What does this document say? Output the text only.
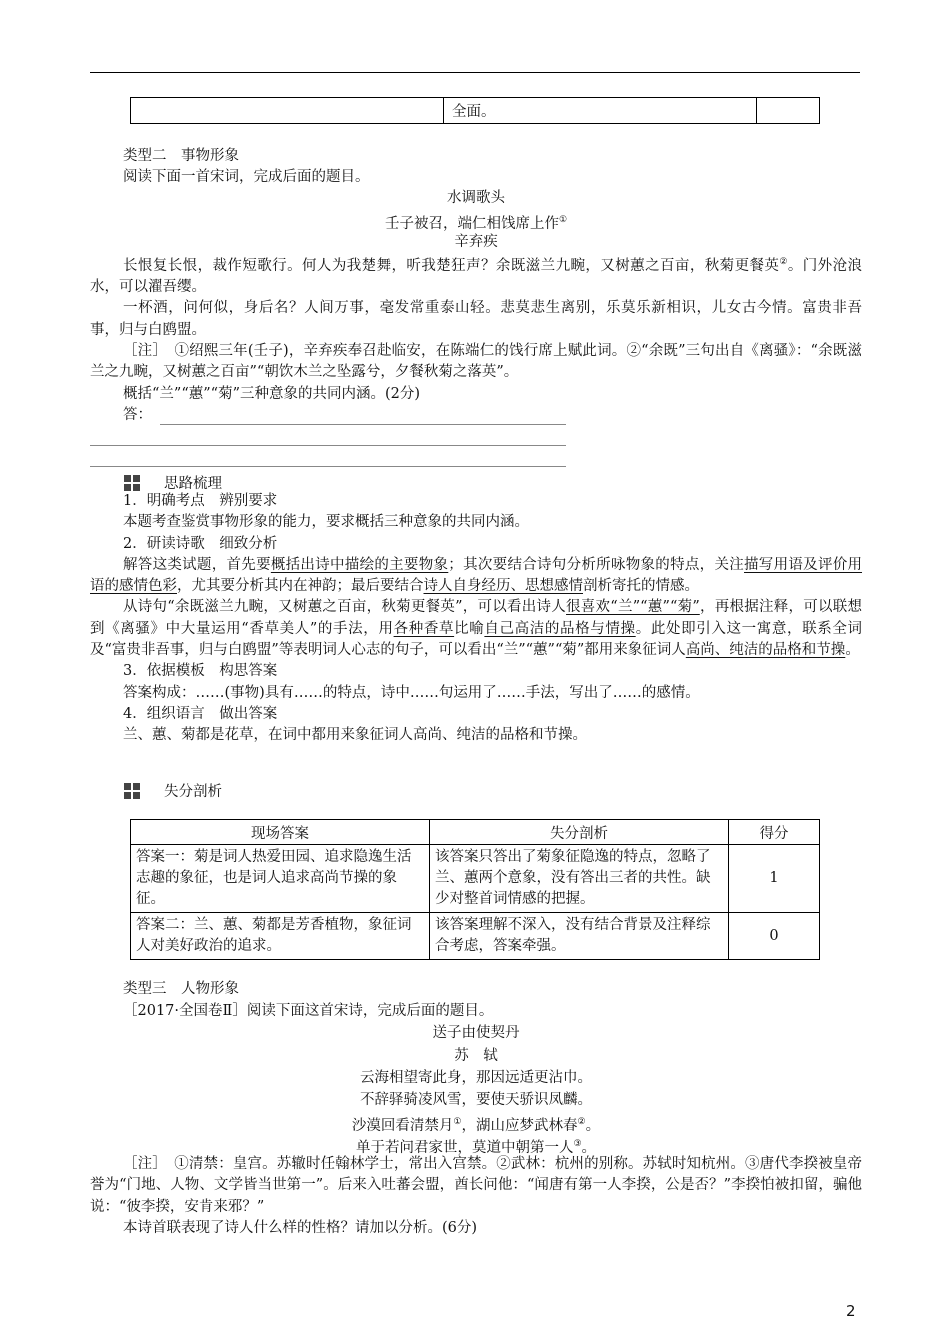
	全面。	
类型二　事物形象
阅读下面一首宋词，完成后面的题目。
水调歌头
壬子被召，端仁相饯席上作①
辛弃疾

长恨复长恨，裁作短歌行。何人为我楚舞，听我楚狂声？余既滋兰九畹，又树蕙之百亩，秋菊更餐英②。门外沧浪水，可以濯吾缨。

一杯酒，问何似，身后名？人间万事，毫发常重泰山轻。悲莫悲生离别，乐莫乐新相识，儿女古今情。富贵非吾事，归与白鸥盟。

［注］　①绍熙三年(壬子)，辛弃疾奉召赴临安，在陈端仁的饯行席上赋此词。②“余既”三句出自《离骚》：“余既滋兰之九畹，又树蕙之百亩”“朝饮木兰之坠露兮，夕餐秋菊之落英”。

概括“兰”“蕙”“菊”三种意象的共同内涵。(2分)

答：

思路梳理

1．明确考点　辨别要求

本题考查鉴赏事物形象的能力，要求概括三种意象的共同内涵。

2．研读诗歌　细致分析

解答这类试题，首先要概括出诗中描绘的主要物象；其次要结合诗句分析所咏物象的特点，关注描写用语及评价用语的感情色彩，尤其要分析其内在神韵；最后要结合诗人自身经历、思想感情剖析寄托的情感。

从诗句“余既滋兰九畹，又树蕙之百亩，秋菊更餐英”，可以看出诗人很喜欢“兰”“蕙”“菊”，再根据注释，可以联想到《离骚》中大量运用“香草美人”的手法，用各种香草比喻自己高洁的品格与情操。此处即引入这一寓意，联系全词及“富贵非吾事，归与白鸥盟”等表明词人心志的句子，可以看出“兰”“蕙”“菊”都用来象征词人高尚、纯洁的品格和节操。

3．依据模板　构思答案

答案构成：……(事物)具有……的特点，诗中……句运用了……手法，写出了……的感情。

4．组织语言　做出答案

兰、蕙、菊都是花草，在词中都用来象征词人高尚、纯洁的品格和节操。

失分剖析
现场答案	失分剖析	得分
答案一：菊是词人热爱田园、追求隐逸生活志趣的象征，也是词人追求高尚节操的象征。	该答案只答出了菊象征隐逸的特点，忽略了兰、蕙两个意象，没有答出三者的共性。缺少对整首词情感的把握。	1
答案二：兰、蕙、菊都是芳香植物，象征词人对美好政治的追求。	该答案理解不深入，没有结合背景及注释综合考虑，答案牵强。	0
类型三　人物形象
［2017·全国卷Ⅱ］阅读下面这首宋诗，完成后面的题目。
送子由使契丹
苏　轼
云海相望寄此身，那因远适更沾巾。
不辞驿骑凌风雪，要使天骄识凤麟。
沙漠回看清禁月①，湖山应梦武林春②。
单于若问君家世，莫道中朝第一人③。

［注］　①清禁：皇宫。苏辙时任翰林学士，常出入宫禁。②武林：杭州的别称。苏轼时知杭州。③唐代李揆被皇帝誉为“门地、人物、文学皆当世第一”。后来入吐蕃会盟，酋长问他：“闻唐有第一人李揆，公是否？”李揆怕被扣留，骗他说：“彼李揆，安肯来邪？”

本诗首联表现了诗人什么样的性格？请加以分析。(6分)

2
